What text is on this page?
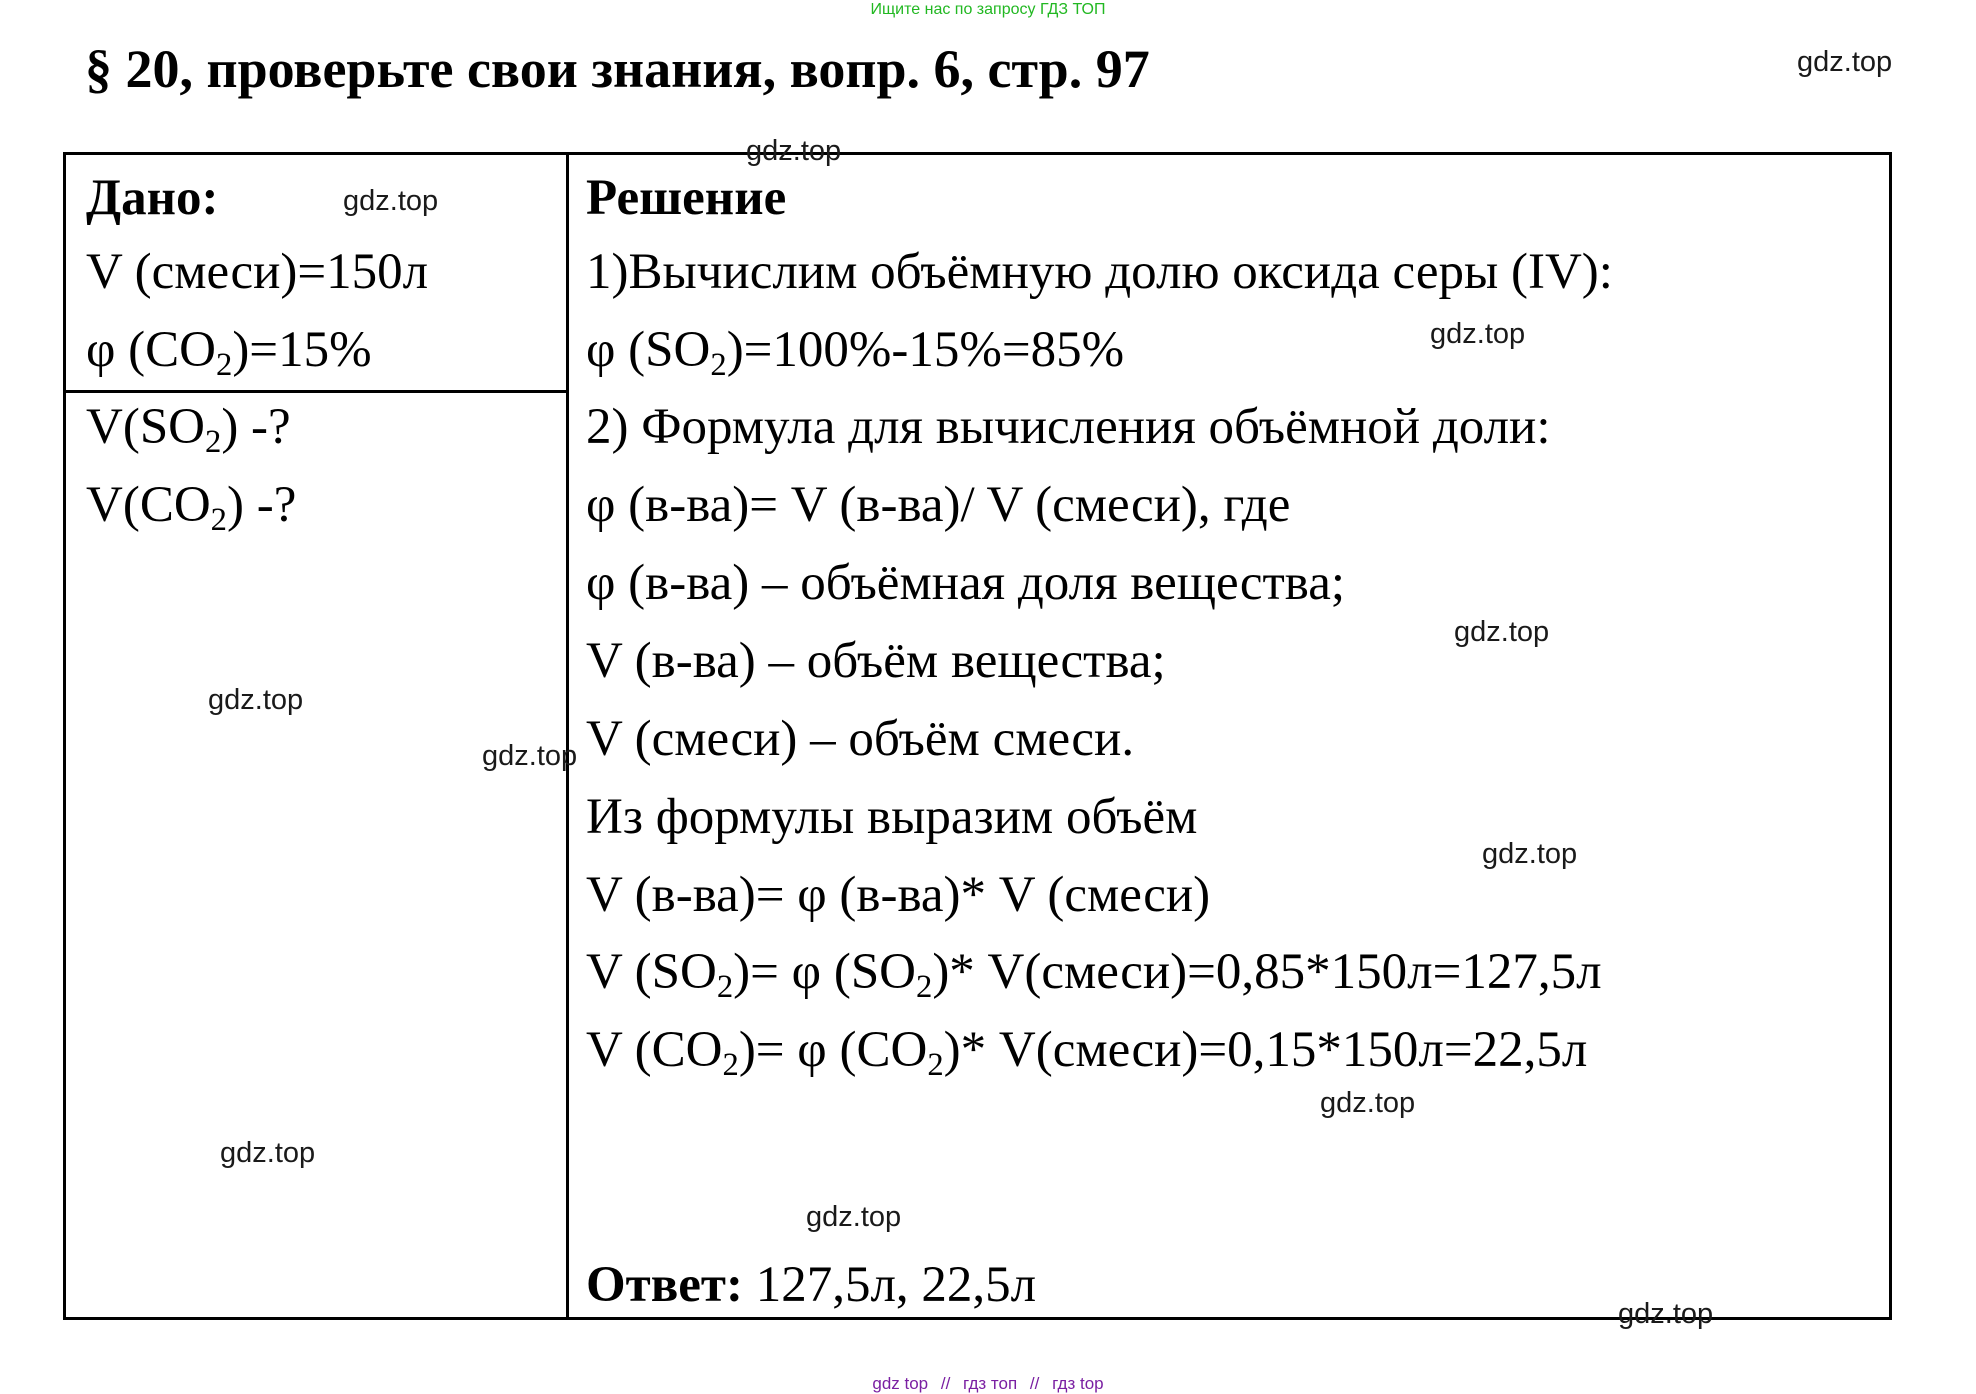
Ищите нас по запросу ГДЗ ТОП
§ 20, проверьте свои знания, вопр. 6, стр. 97
Дано:
V (смеси)=150л
φ $(CO_2)=15\%$
$V(SO_2)$ -?
$V(CO_2)$ -?
Решение
1)Вычислим объёмную долю оксида серы (IV):
φ $(SO_2)=100\%-15\%=85\%$
2) Формула для вычисления объёмной доли:
φ (в-ва)= V (в-ва)/ V (смеси), где
φ (в-ва) – объёмная доля вещества;
V (в-ва) – объём вещества;
V (смеси) – объём смеси.
Из формулы выразим объём
V (в-ва)= φ (в-ва)* V (смеси)
V $(SO_2)= \varphi$ $(SO_2)*$ V(смеси)=0,85*150л=127,5л
V $(CO_2)= \varphi$ $(CO_2)*$ V(смеси)=0,15*150л=22,5л
Ответ: 127,5л, 22,5л
gdz.top
gdz.top
gdz.top
gdz.top
gdz.top
gdz.top
gdz.top
gdz.top
gdz.top
gdz.top
gdz.top
gdz.top
gdz top // гдз топ // гдз top
